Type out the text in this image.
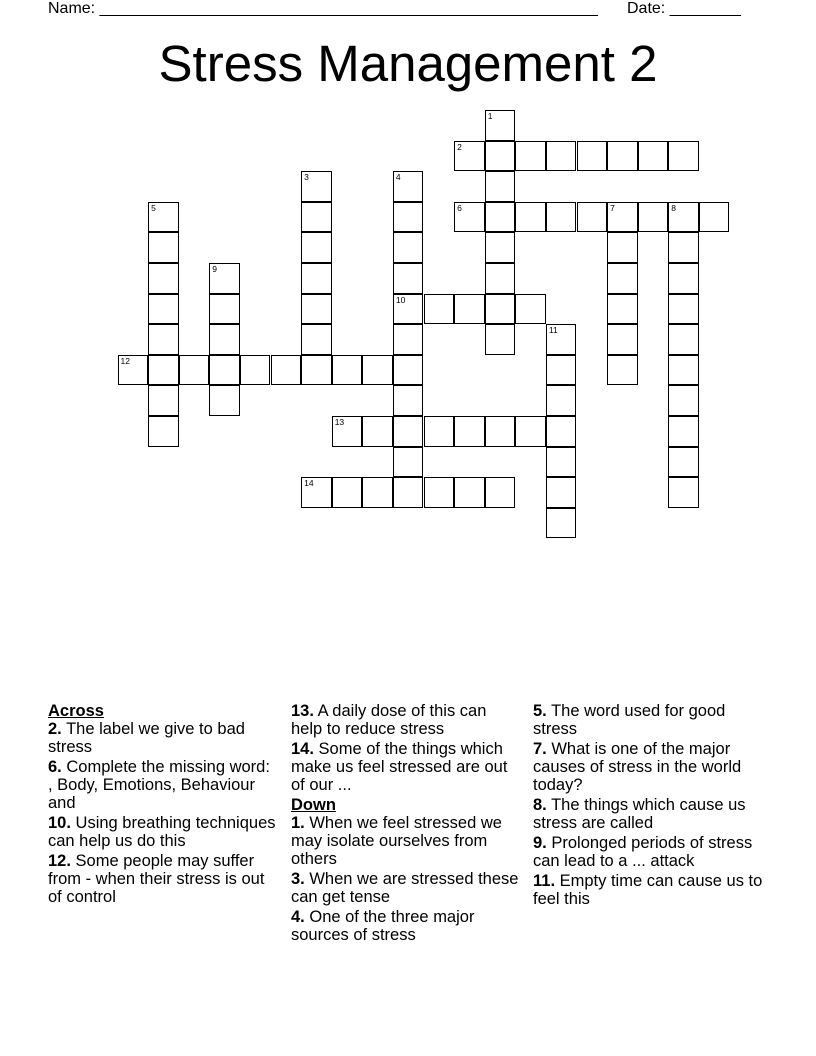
Name: ________________________________________________________ Date: ________
Stress Management 2
1
2
3	4
10
5	6	7	8
9
11
12
13
14
Across
2. The label we give to bad stress
6. Complete the missing word: , Body, Emotions, Behaviour and
10. Using breathing techniques can help us do this
12. Some people may suffer from - when their stress is out of control
13. A daily dose of this can help to reduce stress
14. Some of the things which make us feel stressed are out of our ...
Down
1. When we feel stressed we may isolate ourselves from others
3. When we are stressed these can get tense
4. One of the three major sources of stress
5. The word used for good stress
7. What is one of the major causes of stress in the world today?
8. The things which cause us stress are called
9. Prolonged periods of stress can lead to a ... attack
11. Empty time can cause us to feel this
